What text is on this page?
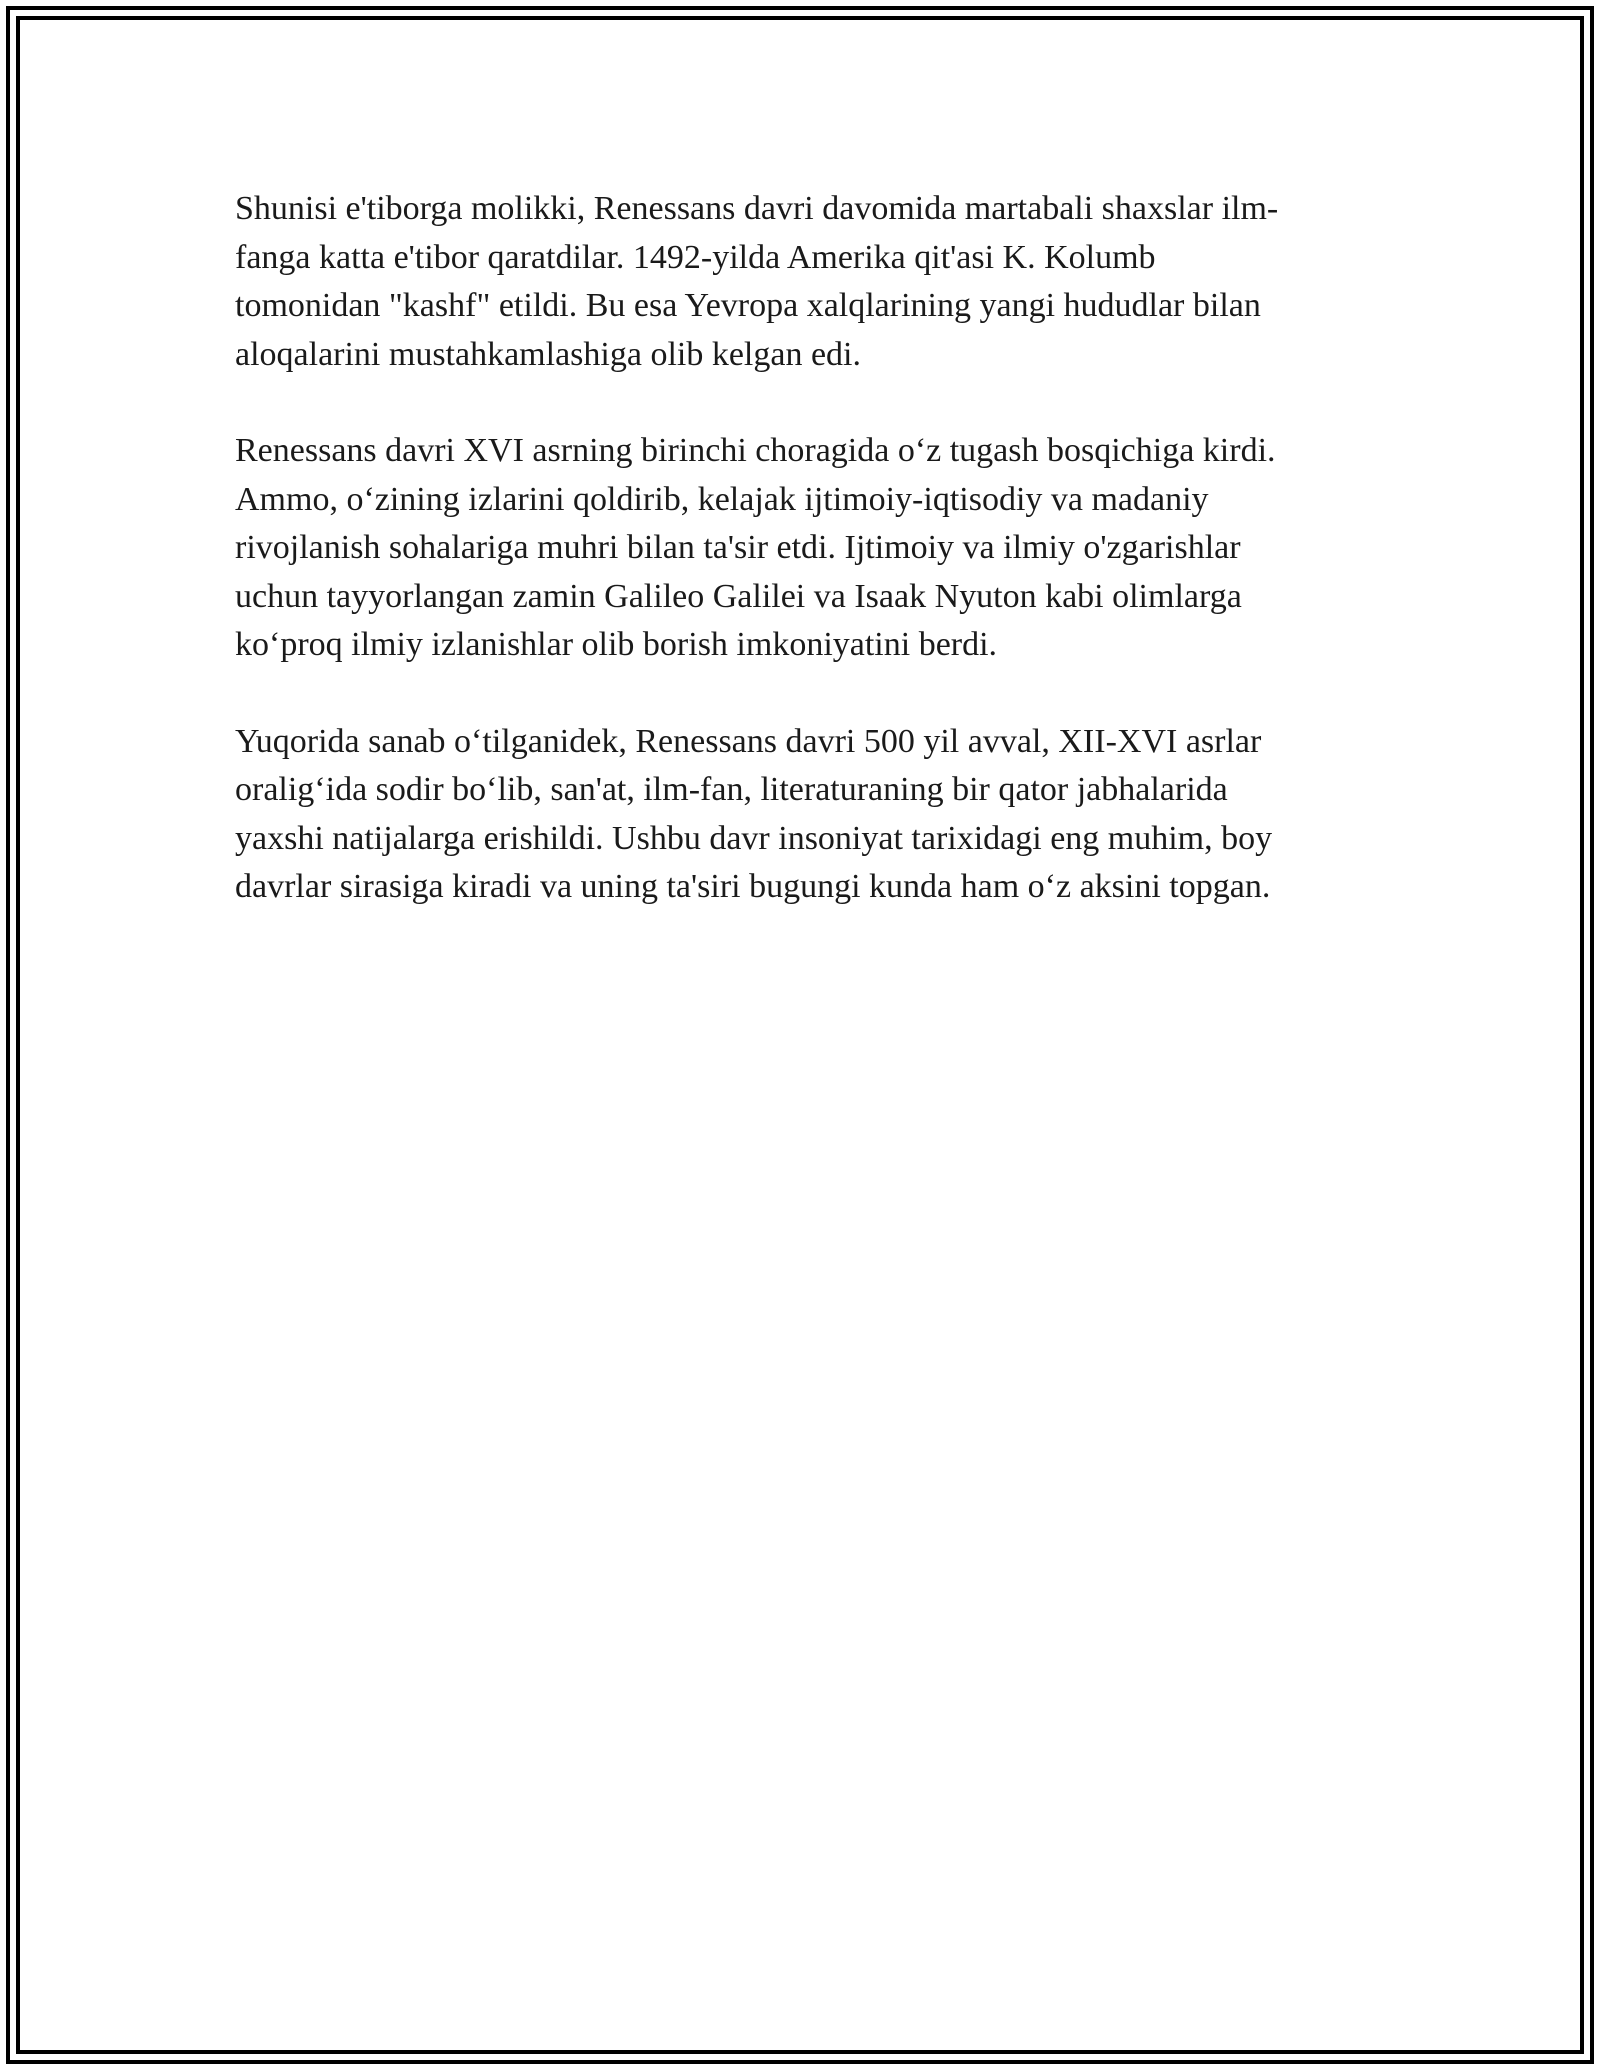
Shunisi e'tiborga molikki, Renessans davri davomida martabali shaxslar ilm-
fanga katta e'tibor qaratdilar. 1492-yilda Amerika qit'asi K. Kolumb
tomonidan "kashf" etildi. Bu esa Yevropa xalqlarining yangi hududlar bilan
aloqalarini mustahkamlashiga olib kelgan edi.

Renessans davri XVI asrning birinchi choragida o‘z tugash bosqichiga kirdi.
Ammo, o‘zining izlarini qoldirib, kelajak ijtimoiy-iqtisodiy va madaniy
rivojlanish sohalariga muhri bilan ta'sir etdi. Ijtimoiy va ilmiy o'zgarishlar
uchun tayyorlangan zamin Galileo Galilei va Isaak Nyuton kabi olimlarga
ko‘proq ilmiy izlanishlar olib borish imkoniyatini berdi.

Yuqorida sanab o‘tilganidek, Renessans davri 500 yil avval, XII-XVI asrlar
oralig‘ida sodir bo‘lib, san'at, ilm-fan, literaturaning bir qator jabhalarida
yaxshi natijalarga erishildi. Ushbu davr insoniyat tarixidagi eng muhim, boy
davrlar sirasiga kiradi va uning ta'siri bugungi kunda ham o‘z aksini topgan.
